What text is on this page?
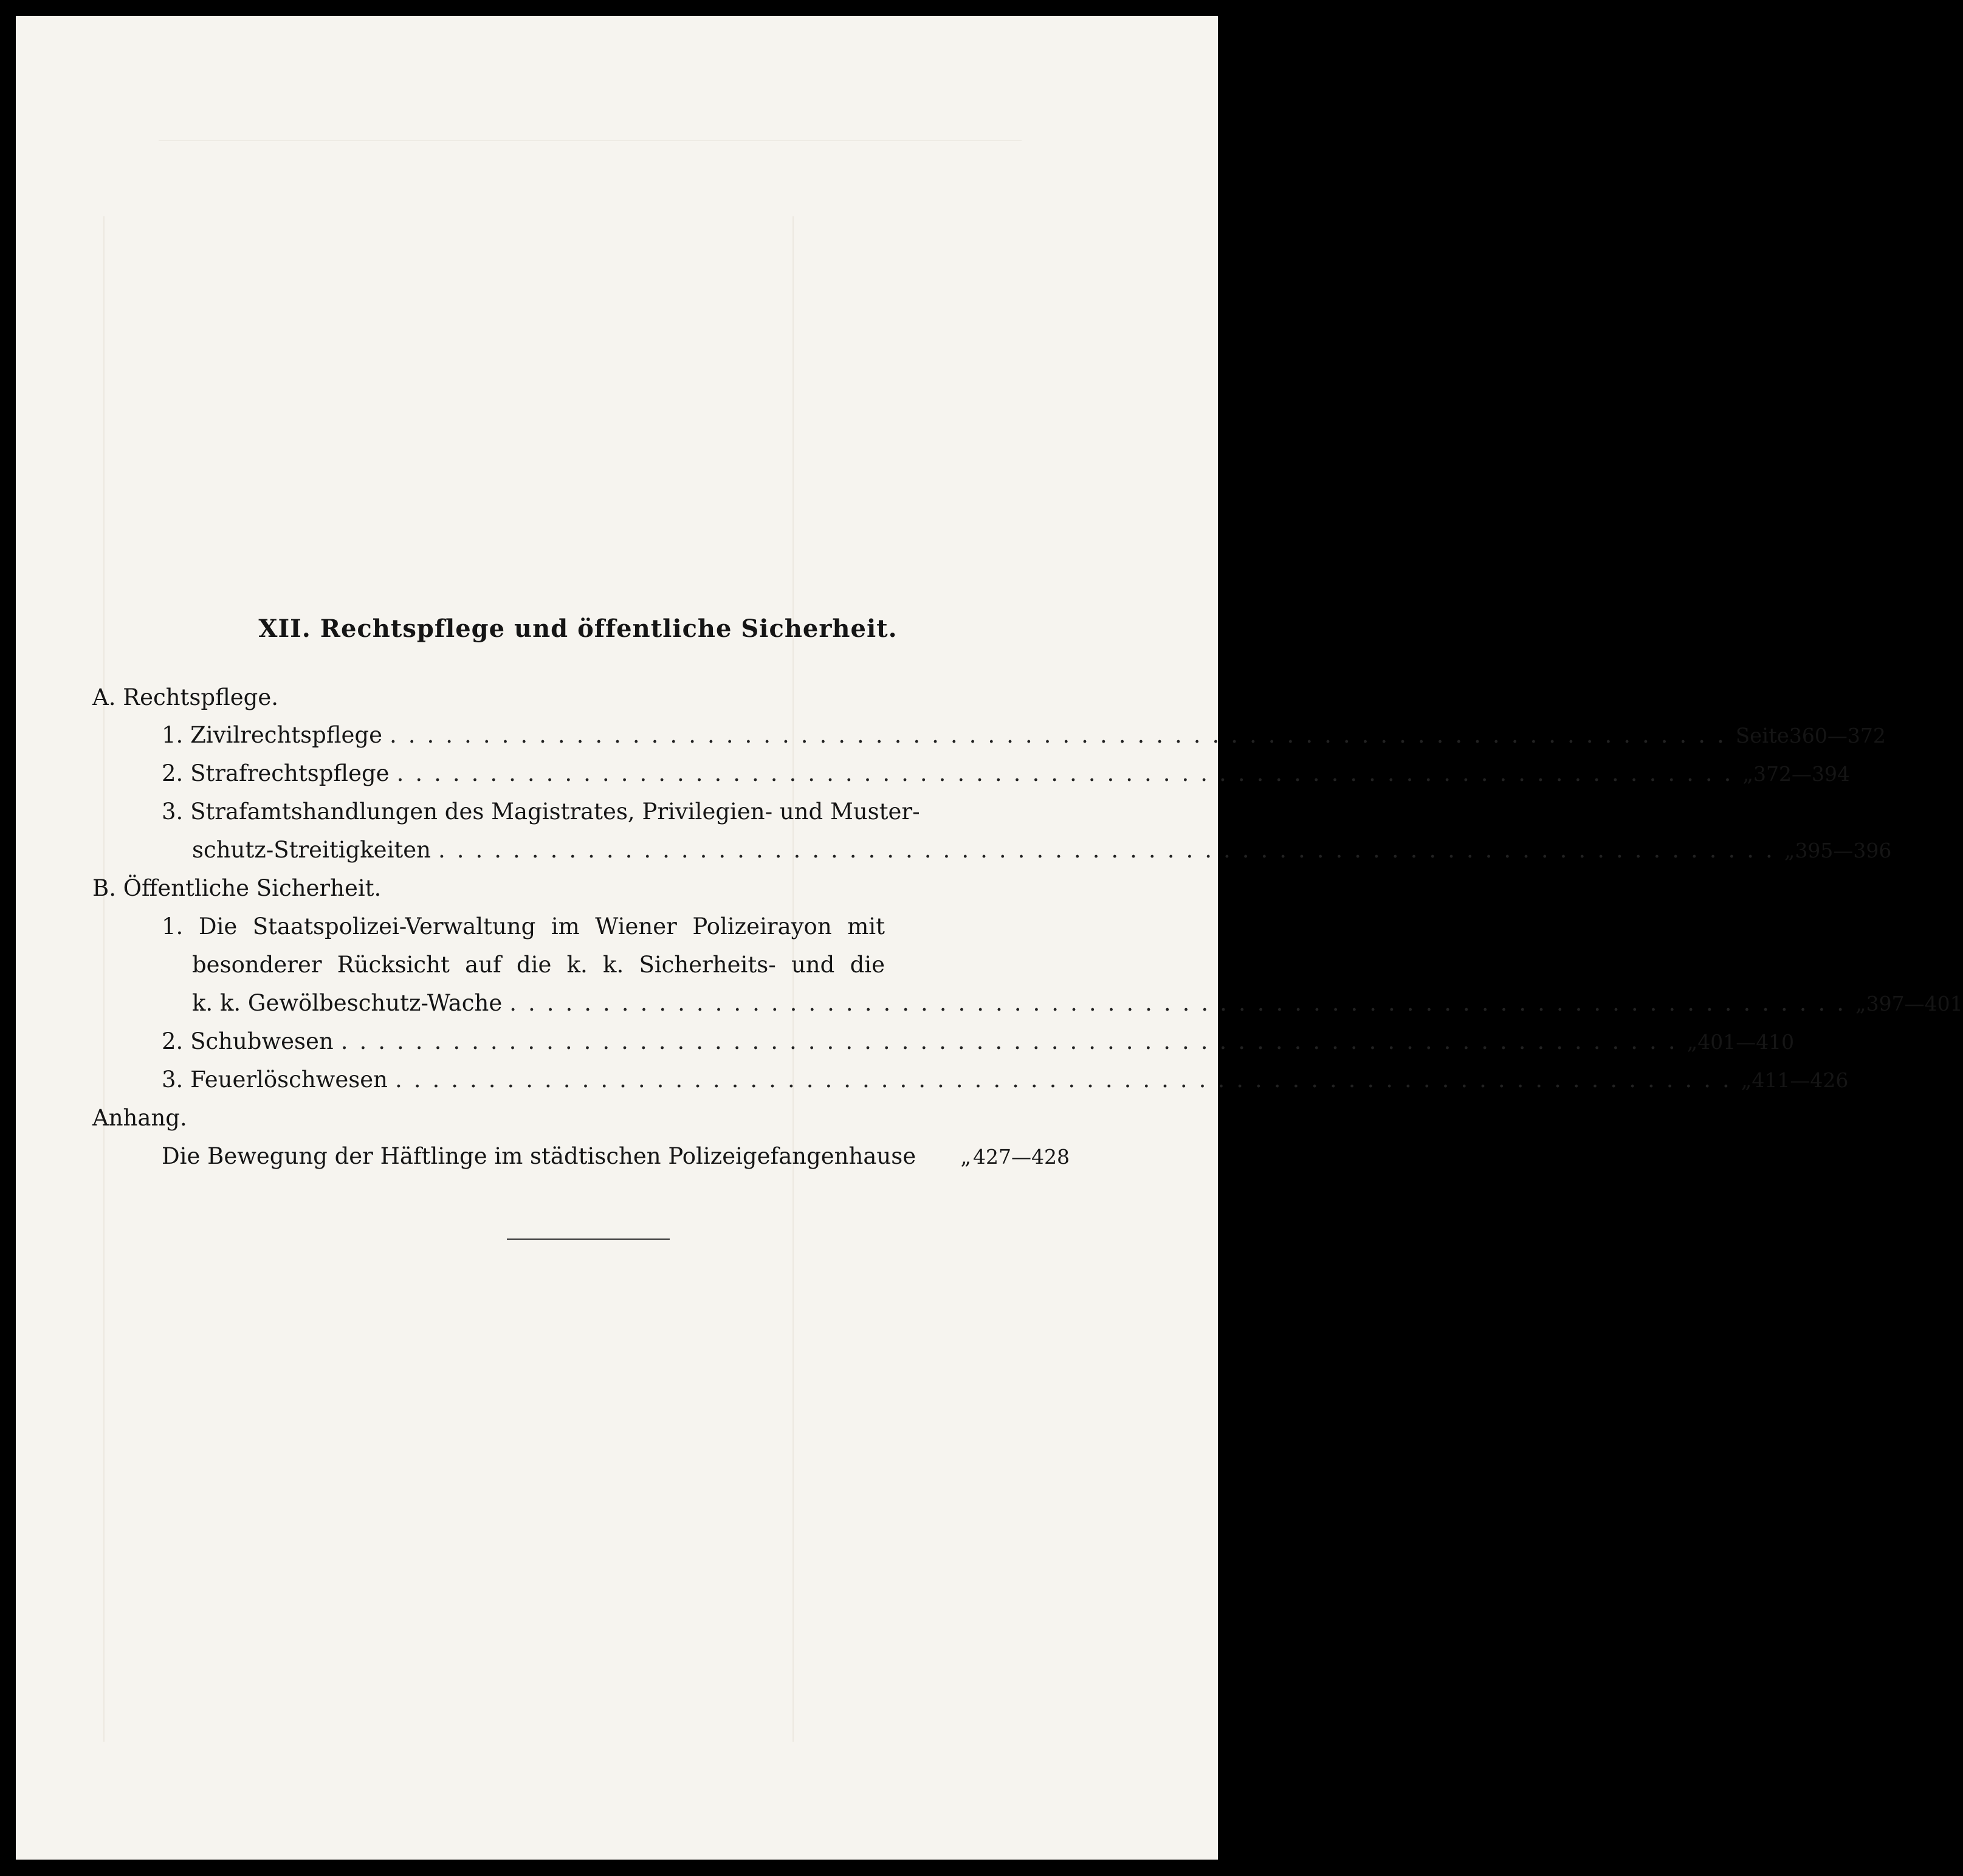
XII. Rechtspflege und öffentliche Sicherheit.
A. Rechtspflege.
1. Zivilrechtspflege ........................................................................ Seite 360—372
2. Strafrechtspflege ........................................................................ „ 372—394
3. Strafamtshandlungen des Magistrates, Privilegien- und Muster-
schutz-Streitigkeiten ........................................................................ „ 395—396
B. Öffentliche Sicherheit.
1. Die Staatspolizei-Verwaltung im Wiener Polizeirayon mit
besonderer Rücksicht auf die k. k. Sicherheits- und die
k. k. Gewölbeschutz-Wache ........................................................................ „ 397—401
2. Schubwesen ........................................................................ „ 401—410
3. Feuerlöschwesen ........................................................................ „ 411—426
Anhang.
Die Bewegung der Häftlinge im städtischen Polizeigefangenhause	„ 427—428
